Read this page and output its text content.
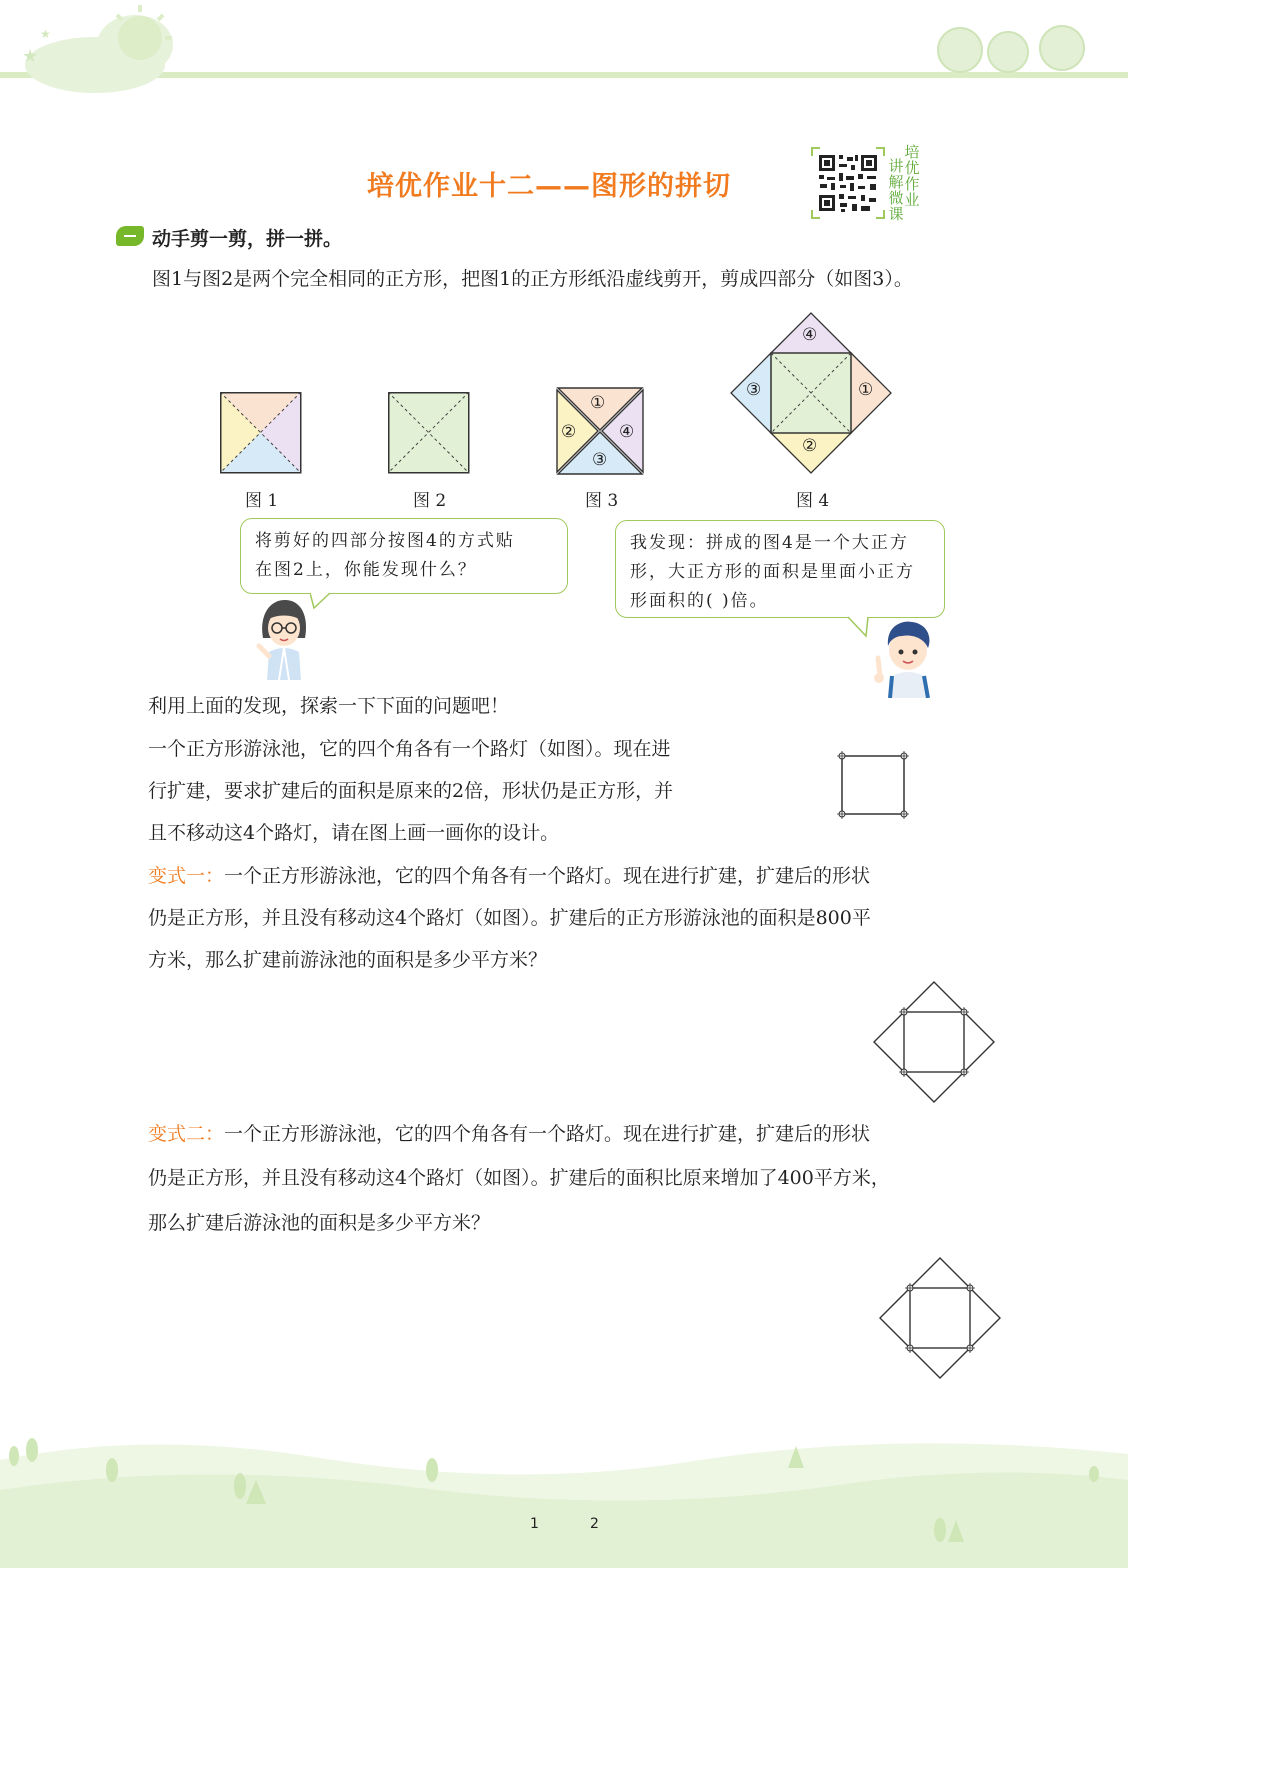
★
★
培优作业十二——图形的拼切
讲解微课
培优作业
动手剪一剪，拼一拼。
图1与图2是两个完全相同的正方形，把图1的正方形纸沿虚线剪开，剪成四部分（如图3）。
图 1	图 2
①
②
③
④
图 3
④
①
③
②
图 4
将剪好的四部分按图4的方式贴
在图2上，你能发现什么？
我发现：拼成的图4是一个大正方
形，大正方形的面积是里面小正方
形面积的( )倍。
利用上面的发现，探索一下下面的问题吧！
一个正方形游泳池，它的四个角各有一个路灯（如图）。现在进
行扩建，要求扩建后的面积是原来的2倍，形状仍是正方形，并
且不移动这4个路灯，请在图上画一画你的设计。
变式一：一个正方形游泳池，它的四个角各有一个路灯。现在进行扩建，扩建后的形状
仍是正方形，并且没有移动这4个路灯（如图）。扩建后的正方形游泳池的面积是800平
方米，那么扩建前游泳池的面积是多少平方米？
变式二：一个正方形游泳池，它的四个角各有一个路灯。现在进行扩建，扩建后的形状
仍是正方形，并且没有移动这4个路灯（如图）。扩建后的面积比原来增加了400平方米，
那么扩建后游泳池的面积是多少平方米？
1	2
